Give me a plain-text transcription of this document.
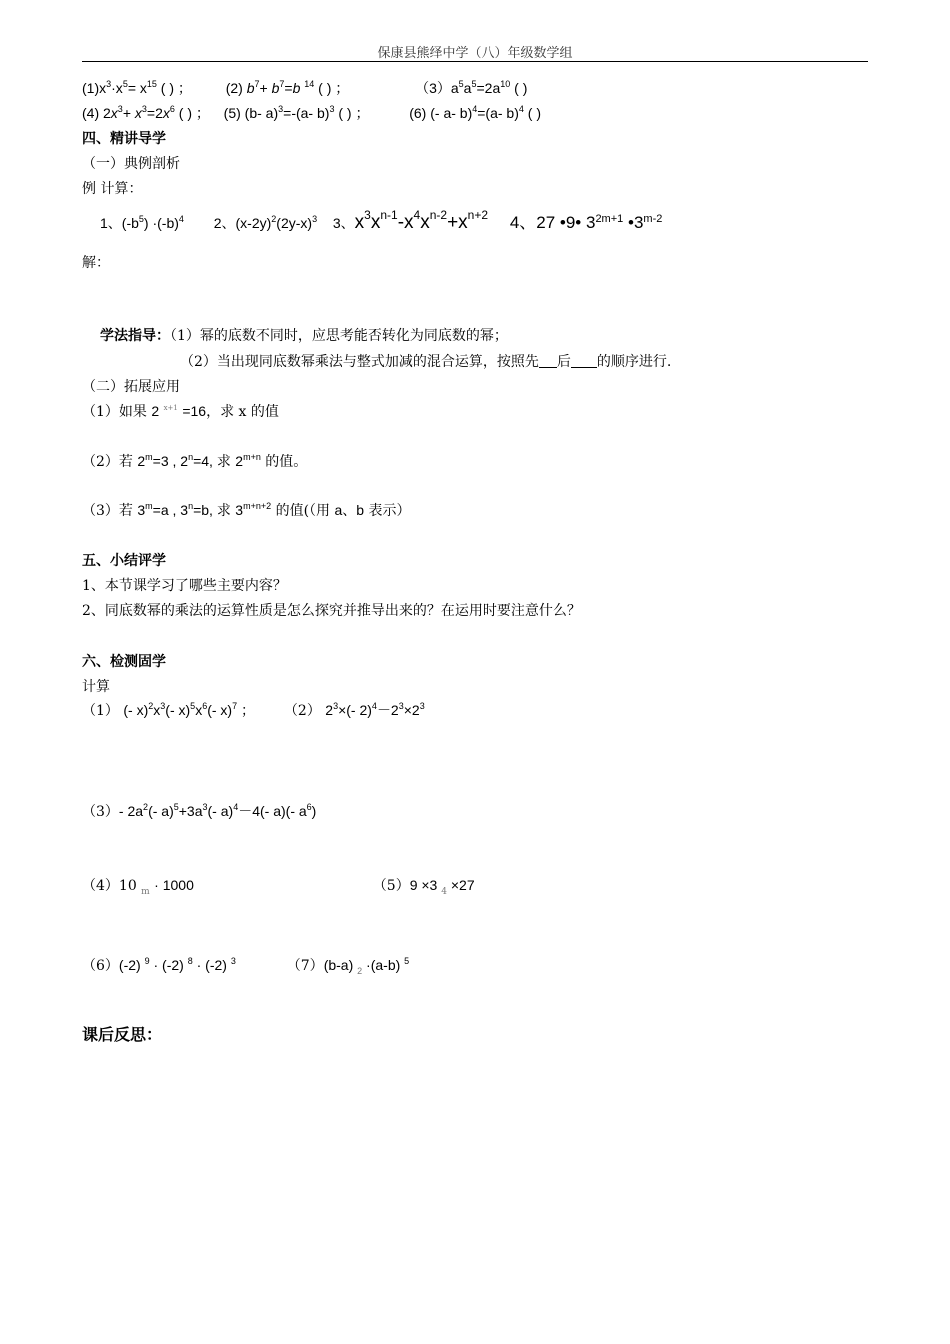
保康县熊绎中学（八）年级数学组
$(1)x^3\cdot x^5= x^{15}$ ( ) ； (2) $b^7+ b^7=b$ $^{14}$ ( ) ；	$(3)a^5a^5=2a^{10}$ ( )
(4) $2x^3+ x^3=2x^6$ ( ) ； (5) (b- a)$^3$=-(a- b)$^3$ ( ) ；	(6) (- a- b)$^4$=(a- b)$^4$ ( )
四、精讲导学
（一）典例剖析
例 计算：
1、$(-b^5) \cdot(-b)^4$ 2、$(x-2y)^2(2y-x)^3$ 3、$x^3x^{n-1}-x^4x^{n-2}+x^{n+2}$ 4、27 •9• $3^{2m+1}$ •3$^{m-2}$
解：
学法指导：（1）幂的底数不同时，应思考能否转化为同底数的幂；
（2）当出现同底数幂乘法与整式加减的混合运算，按照先 后 的顺序进行.
（二）拓展应用
（1）如果 2 $^{x+1}$ =16，求 x 的值
（2）若 $2^m=3$ , $2^n=4$, 求 $2^{m+n}$ 的值。
（3）若 $3^m=a$ , $3^n=b$, 求 $3^{m+n+2}$ 的值(（用 a、b 表示）
五、小结评学
1、本节课学习了哪些主要内容？
2、同底数幂的乘法的运算性质是怎么探究并推导出来的？在运用时要注意什么？
六、检测固学
计算
（1） (- $x)^2x^3(-$ $x)^5x^6(-$ x)$^7$ ； （2） $2^3\times(-$ $2)^4-2^3\times 2^3$
（3）- $2a^2(-$ $a)^5+3a^3(-$ a)$^4$－4(- a)(- $a^6$)
（4）10 $_m$ · 1000	（5）9 ×3 $_4$ ×27
（6）(-2) $^9$ · (-2) $^8$ · (-2) $^3$	（7）(b-a) $_2$ ·(a-b) $^5$
课后反思：
